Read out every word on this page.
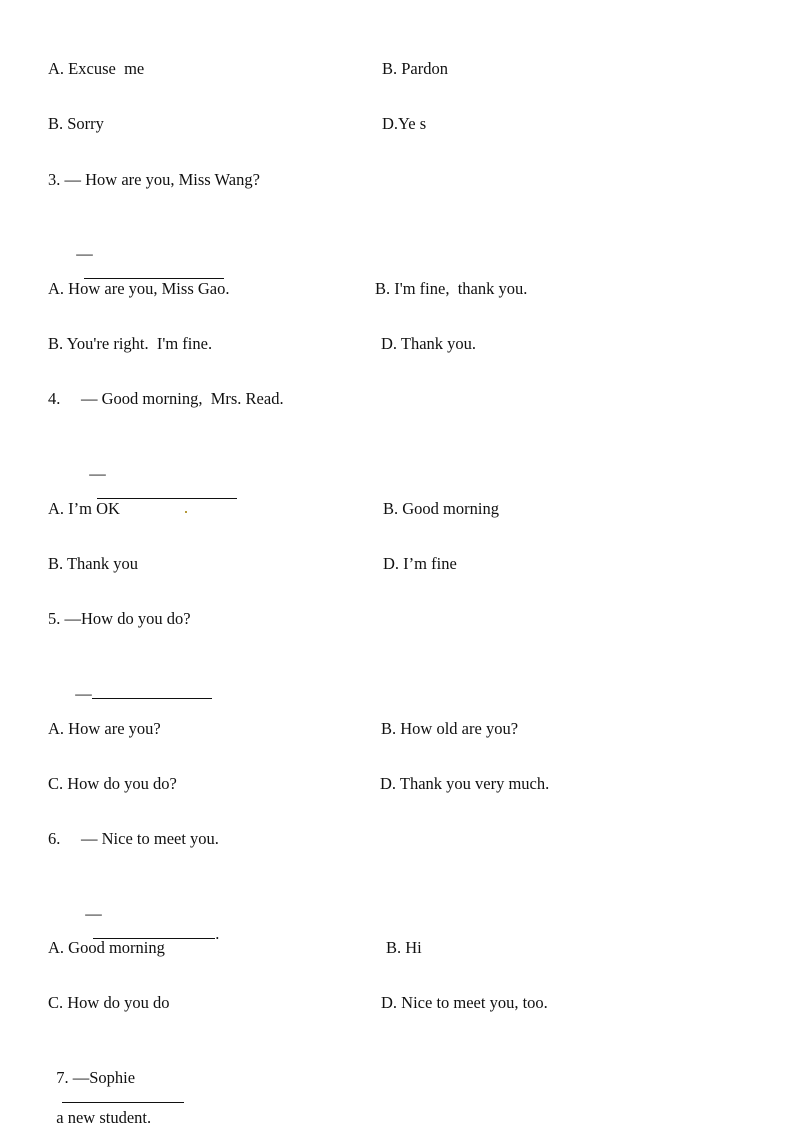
A. Excuse  me	B. Pardon
B. Sorry	D.Ye s
3. — How are you, Miss Wang?

—

A. How are you, Miss Gao.	B. I'm fine,  thank you.
B. You're right.  I'm fine.	D. Thank you.
4. — Good morning,  Mrs. Read.

—

A. I’m OK	B. Good morning
B. Thank you	D. I’m fine
5. —How do you do?

—

A. How are you?	B. How old are you?
C. How do you do?	D. Thank you very much.
6. — Nice to meet you.

—
.

A. Good morning	B. Hi
C. How do you do	D. Nice to meet you, too.

7. —Sophie

a new student.
